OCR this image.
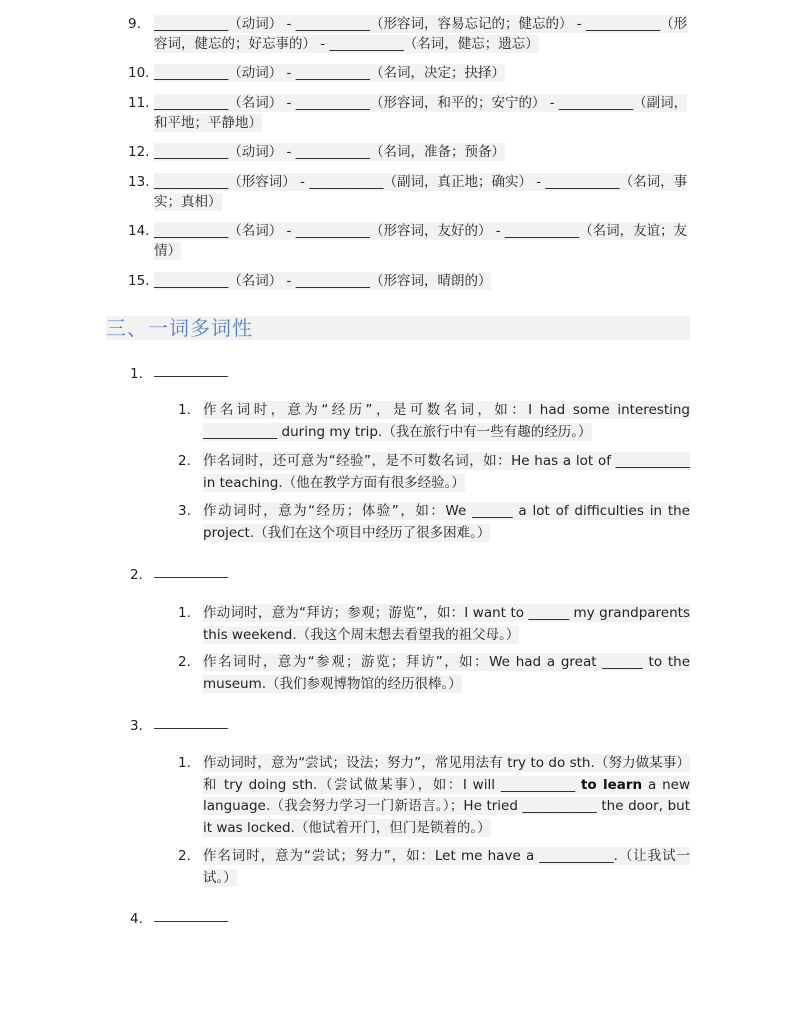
9. ___________（动词） - ___________（形容词，容易忘记的；健忘的） - ___________（形容词，健忘的；好忘事的） - ___________（名词，健忘；遗忘）
10. ___________（动词） - ___________（名词，决定；抉择）
11. ___________（名词） - ___________（形容词，和平的；安宁的） - ___________（副词，和平地；平静地）
12. ___________（动词） - ___________（名词，准备；预备）
13. ___________（形容词） - ___________（副词，真正地；确实） - ___________（名词，事实；真相）
14. ___________（名词） - ___________（形容词，友好的） - ___________（名词，友谊；友情）
15. ___________（名词） - ___________（形容词，晴朗的）
三、一词多词性
1.
1. 作名词时，意为“经历”，是可数名词，如：I had some interesting ___________ during my trip.（我在旅行中有一些有趣的经历。）
2. 作名词时，还可意为“经验”，是不可数名词，如：He has a lot of ___________ in teaching.（他在教学方面有很多经验。）
3. 作动词时，意为“经历；体验”，如：We ______ a lot of difficulties in the project.（我们在这个项目中经历了很多困难。）
2.
1. 作动词时，意为“拜访；参观；游览”，如：I want to ______ my grandparents this weekend.（我这个周末想去看望我的祖父母。）
2. 作名词时，意为“参观；游览；拜访”，如：We had a great ______ to the museum.（我们参观博物馆的经历很棒。）
3.
1. 作动词时，意为“尝试；设法；努力”，常见用法有 try to do sth.（努力做某事）和 try doing sth.（尝试做某事），如：I will ___________ to learn a new language.（我会努力学习一门新语言。）；He tried ___________ the door, but it was locked.（他试着开门，但门是锁着的。）
2. 作名词时，意为“尝试；努力”，如：Let me have a ___________.（让我试一试。）
4.
